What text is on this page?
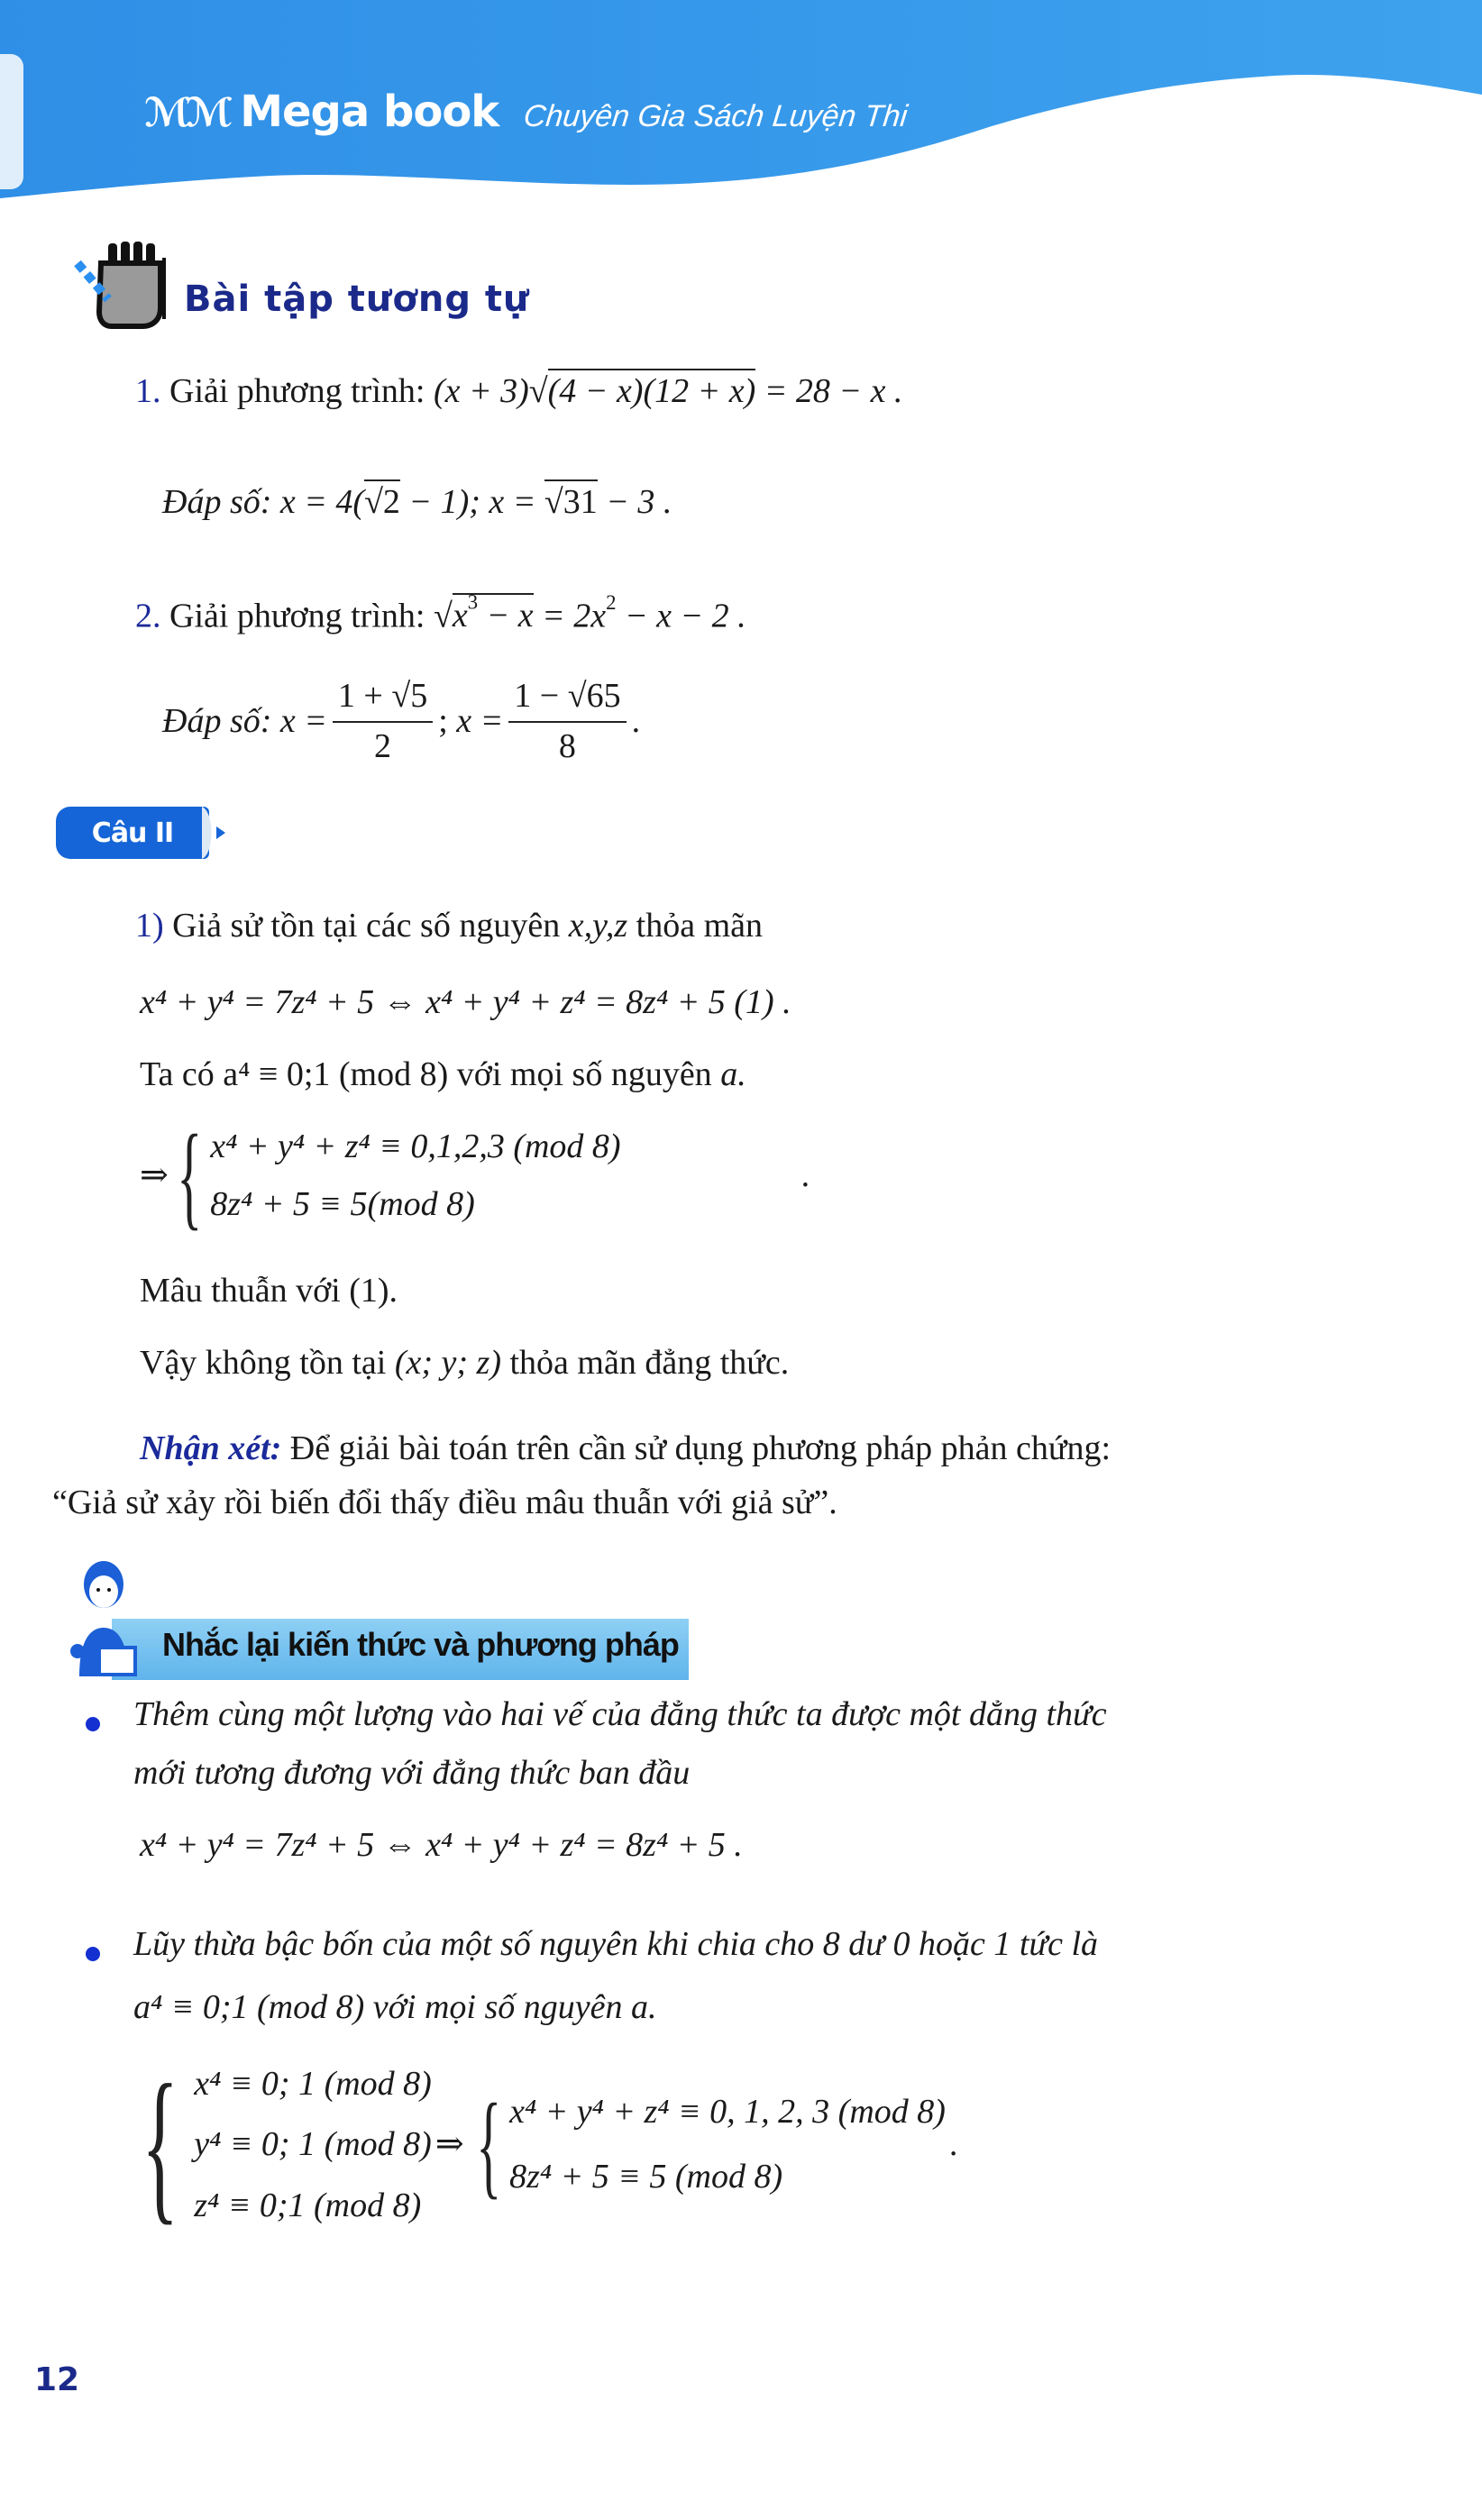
ℳℳ Mega book Chuyên Gia Sách Luyện Thi
Bài tập tương tự
1. Giải phương trình: (x + 3)√(4 − x)(12 + x) = 28 − x .
Đáp số: x = 4(√2 − 1); x = √31 − 3 .
2. Giải phương trình: $√x^3 - x = 2x^2 - x - 2$ .
Đáp số:
$x = \frac{1 + √5}{2}$ ;
$x = \frac{1 - √65}{8}$ .
Câu II
1) Giả sử tồn tại các số nguyên x,y,z thỏa mãn
x⁴ + y⁴ = 7z⁴ + 5 ⇔ x⁴ + y⁴ + z⁴ = 8z⁴ + 5 (1) .
Ta có a⁴ ≡ 0;1 (mod 8) với mọi số nguyên a.
⇒ { x⁴ + y⁴ + z⁴ ≡ 0,1,2,3 (mod 8)
8z⁴ + 5 ≡ 5(mod 8)
.
Mâu thuẫn với (1).
Vậy không tồn tại (x; y; z) thỏa mãn đẳng thức.
Nhận xét: Để giải bài toán trên cần sử dụng phương pháp phản chứng:
“Giả sử xảy rồi biến đổi thấy điều mâu thuẫn với giả sử”.
Nhắc lại kiến thức và phương pháp
Thêm cùng một lượng vào hai vế của đẳng thức ta được một dẳng thức
mới tương đương với đẳng thức ban đầu
x⁴ + y⁴ = 7z⁴ + 5 ⇔ x⁴ + y⁴ + z⁴ = 8z⁴ + 5 .
Lũy thừa bậc bốn của một số nguyên khi chia cho 8 dư 0 hoặc 1 tức là
a⁴ ≡ 0;1 (mod 8) với mọi số nguyên a.
{ x⁴ ≡ 0; 1 (mod 8)
y⁴ ≡ 0; 1 (mod 8)
z⁴ ≡ 0;1 (mod 8)
⇒ { x⁴ + y⁴ + z⁴ ≡ 0, 1, 2, 3 (mod 8)
8z⁴ + 5 ≡ 5 (mod 8)
.
12
